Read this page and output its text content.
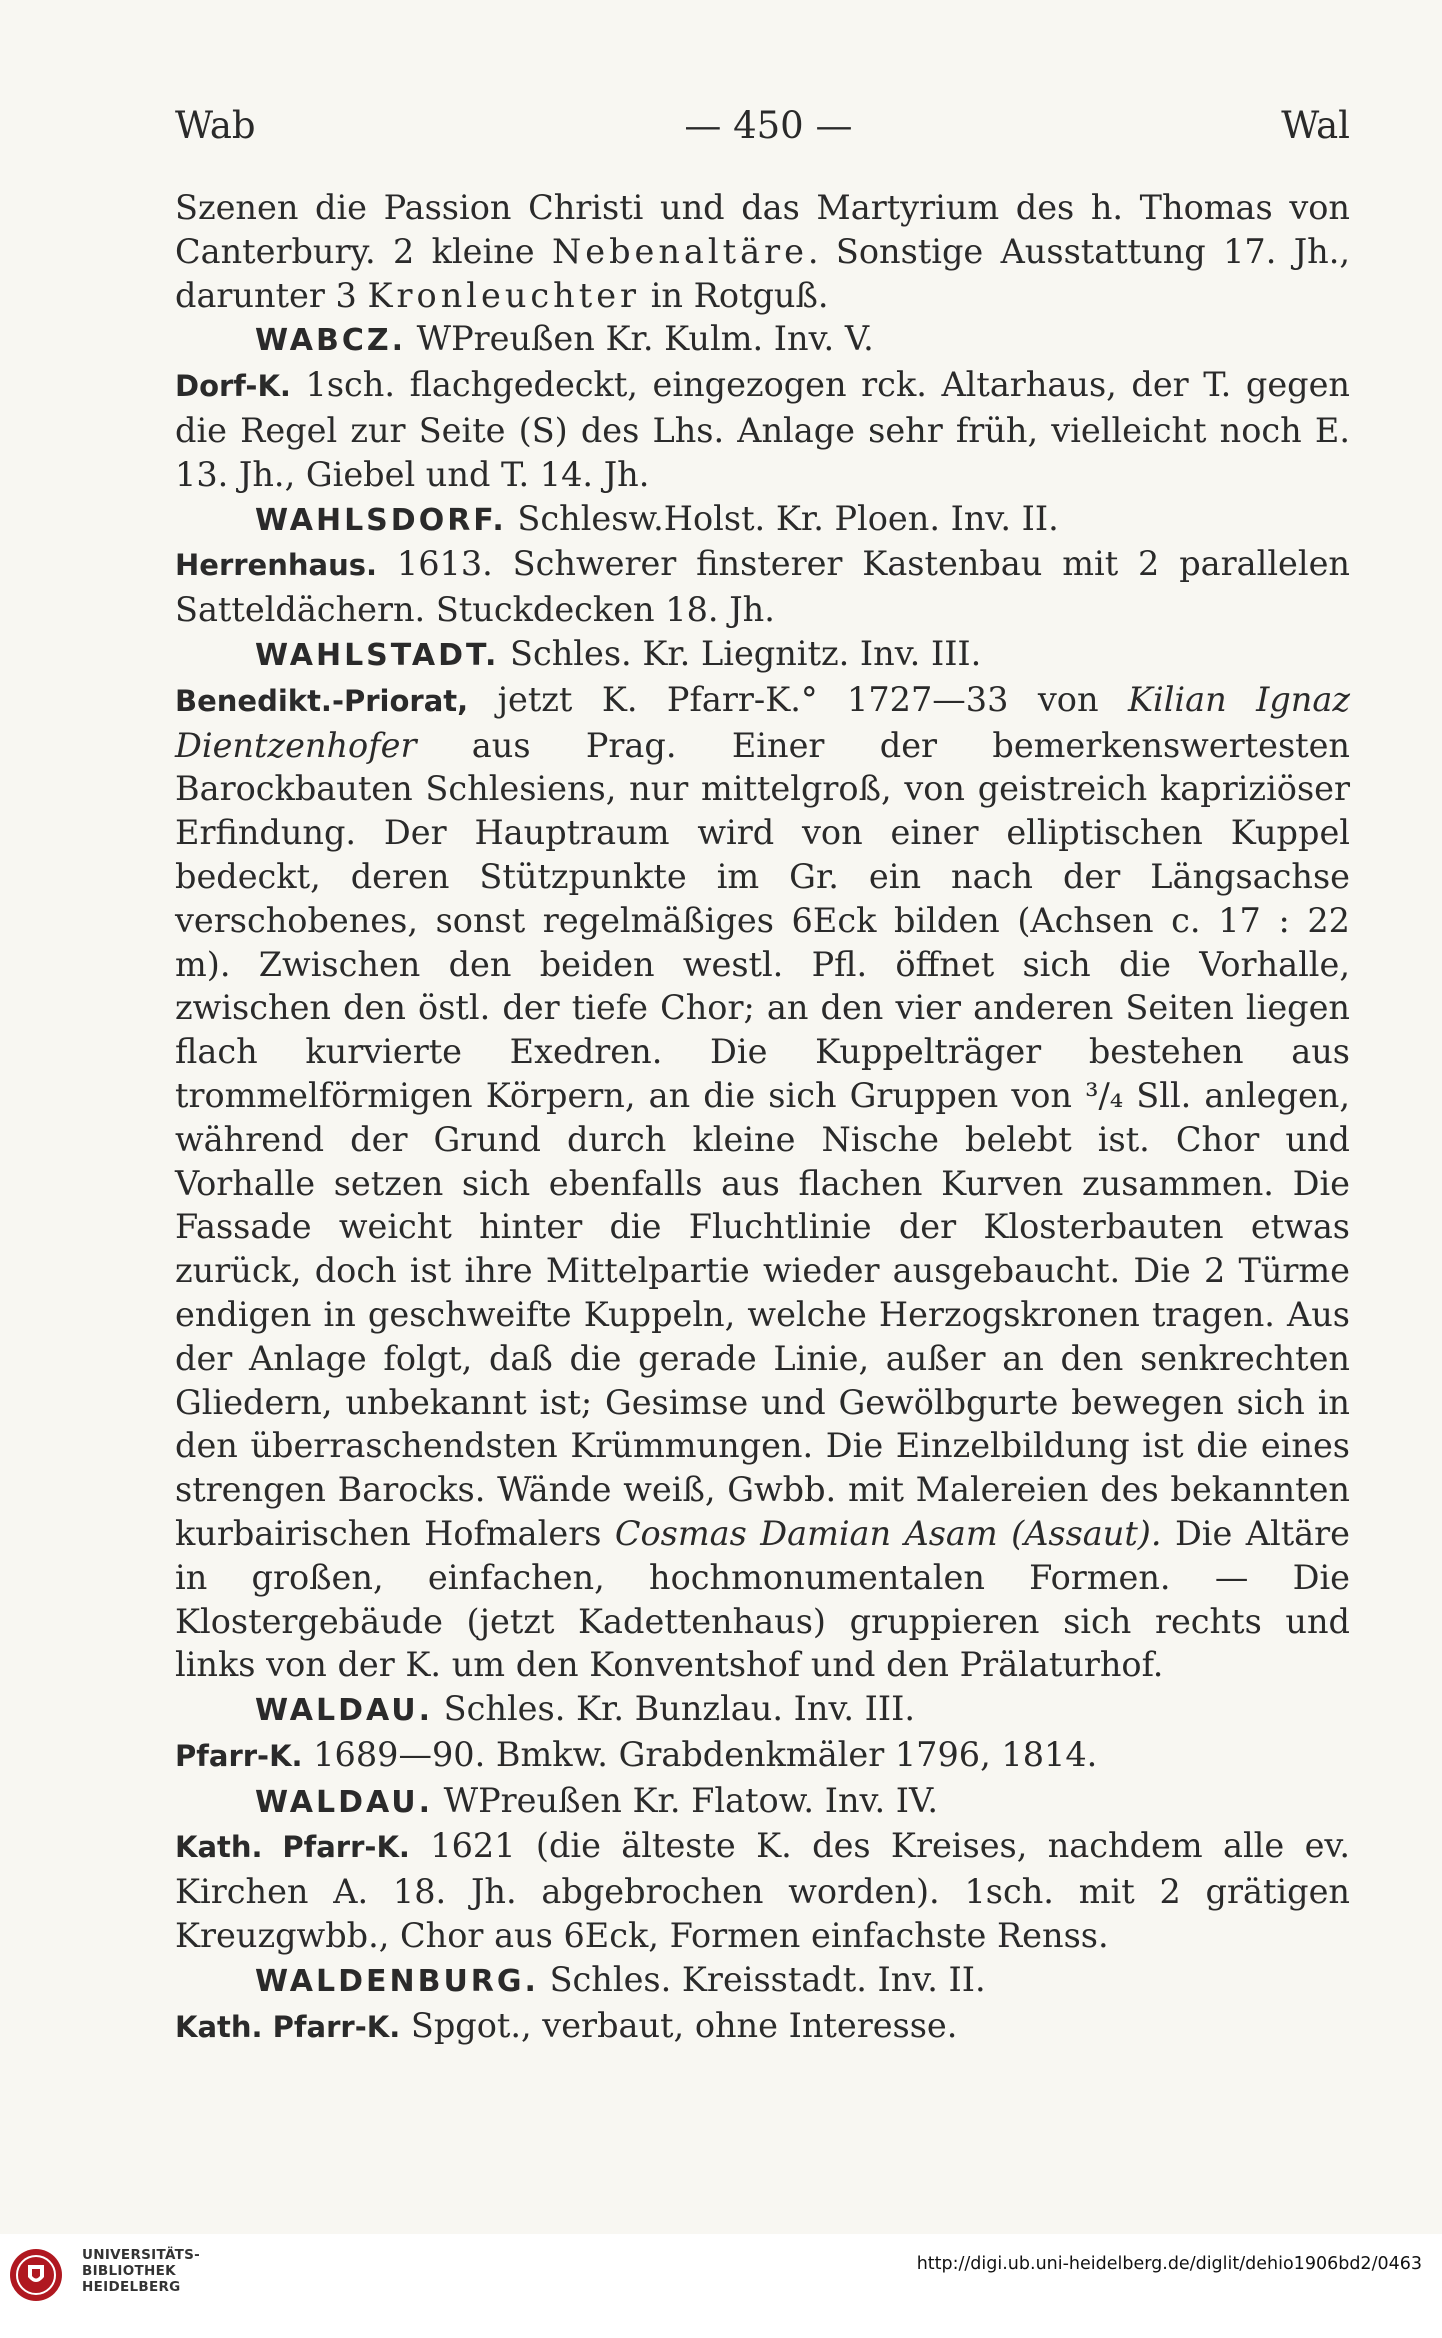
Wab	— 450 —	Wal

Szenen die Passion Christi und das Martyrium des h. Thomas von Canterbury. 2 kleine Nebenaltäre. Sonstige Ausstattung 17. Jh., darunter 3 Kronleuchter in Rotguß.

WABCZ. WPreußen Kr. Kulm. Inv. V.

Dorf-K. 1sch. flachgedeckt, eingezogen rck. Altarhaus, der T. gegen die Regel zur Seite (S) des Lhs. Anlage sehr früh, vielleicht noch E. 13. Jh., Giebel und T. 14. Jh.

WAHLSDORF. Schlesw.Holst. Kr. Ploen. Inv. II.

Herrenhaus. 1613. Schwerer finsterer Kastenbau mit 2 parallelen Satteldächern. Stuckdecken 18. Jh.

WAHLSTADT. Schles. Kr. Liegnitz. Inv. III.

Benedikt.-Priorat, jetzt K. Pfarr-K.° 1727—33 von Kilian Ignaz Dientzenhofer aus Prag. Einer der bemerkenswertesten Barockbauten Schlesiens, nur mittelgroß, von geistreich kapriziöser Erfindung. Der Hauptraum wird von einer elliptischen Kuppel bedeckt, deren Stützpunkte im Gr. ein nach der Längsachse verschobenes, sonst regelmäßiges 6Eck bilden (Achsen c. 17 : 22 m). Zwischen den beiden westl. Pfl. öffnet sich die Vorhalle, zwischen den östl. der tiefe Chor; an den vier anderen Seiten liegen flach kurvierte Exedren. Die Kuppelträger bestehen aus trommelförmigen Körpern, an die sich Gruppen von ³/₄ Sll. anlegen, während der Grund durch kleine Nische belebt ist. Chor und Vorhalle setzen sich ebenfalls aus flachen Kurven zusammen. Die Fassade weicht hinter die Fluchtlinie der Klosterbauten etwas zurück, doch ist ihre Mittelpartie wieder ausgebaucht. Die 2 Türme endigen in geschweifte Kuppeln, welche Herzogskronen tragen. Aus der Anlage folgt, daß die gerade Linie, außer an den senkrechten Gliedern, unbekannt ist; Gesimse und Gewölbgurte bewegen sich in den überraschendsten Krümmungen. Die Einzelbildung ist die eines strengen Barocks. Wände weiß, Gwbb. mit Malereien des bekannten kurbairischen Hofmalers Cosmas Damian Asam (Assaut). Die Altäre in großen, einfachen, hochmonumentalen Formen. — Die Klostergebäude (jetzt Kadettenhaus) gruppieren sich rechts und links von der K. um den Konventshof und den Prälaturhof.

WALDAU. Schles. Kr. Bunzlau. Inv. III.

Pfarr-K. 1689—90. Bmkw. Grabdenkmäler 1796, 1814.

WALDAU. WPreußen Kr. Flatow. Inv. IV.

Kath. Pfarr-K. 1621 (die älteste K. des Kreises, nachdem alle ev. Kirchen A. 18. Jh. abgebrochen worden). 1sch. mit 2 grätigen Kreuzgwbb., Chor aus 6Eck, Formen einfachste Renss.

WALDENBURG. Schles. Kreisstadt. Inv. II.

Kath. Pfarr-K. Spgot., verbaut, ohne Interesse.

UNIVERSITÄTS-
BIBLIOTHEK
HEIDELBERG
http://digi.ub.uni-heidelberg.de/diglit/dehio1906bd2/0463
